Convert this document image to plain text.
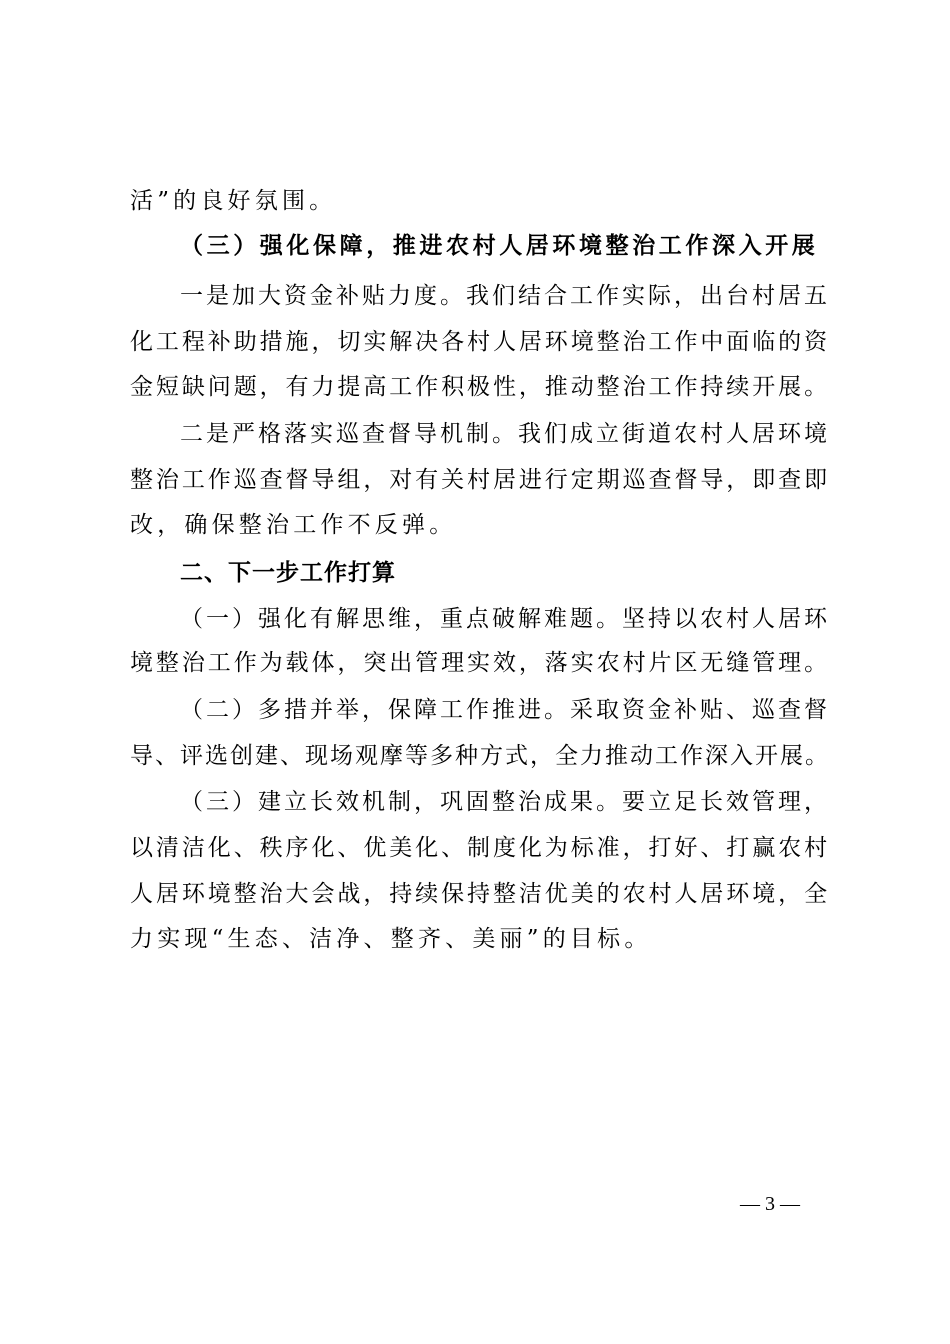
活”的良好氛围。
（三）强化保障，推进农村人居环境整治工作深入开展
一是加大资金补贴力度。我们结合工作实际，出台村居五
化工程补助措施，切实解决各村人居环境整治工作中面临的资
金短缺问题，有力提高工作积极性，推动整治工作持续开展。
二是严格落实巡查督导机制。我们成立街道农村人居环境
整治工作巡查督导组，对有关村居进行定期巡查督导，即查即
改，确保整治工作不反弹。
二、下一步工作打算
（一）强化有解思维，重点破解难题。坚持以农村人居环
境整治工作为载体，突出管理实效，落实农村片区无缝管理。
（二）多措并举，保障工作推进。采取资金补贴、巡查督
导、评选创建、现场观摩等多种方式，全力推动工作深入开展。
（三）建立长效机制，巩固整治成果。要立足长效管理，
以清洁化、秩序化、优美化、制度化为标准，打好、打赢农村
人居环境整治大会战，持续保持整洁优美的农村人居环境，全
力实现“生态、洁净、整齐、美丽”的目标。
— 3 —
